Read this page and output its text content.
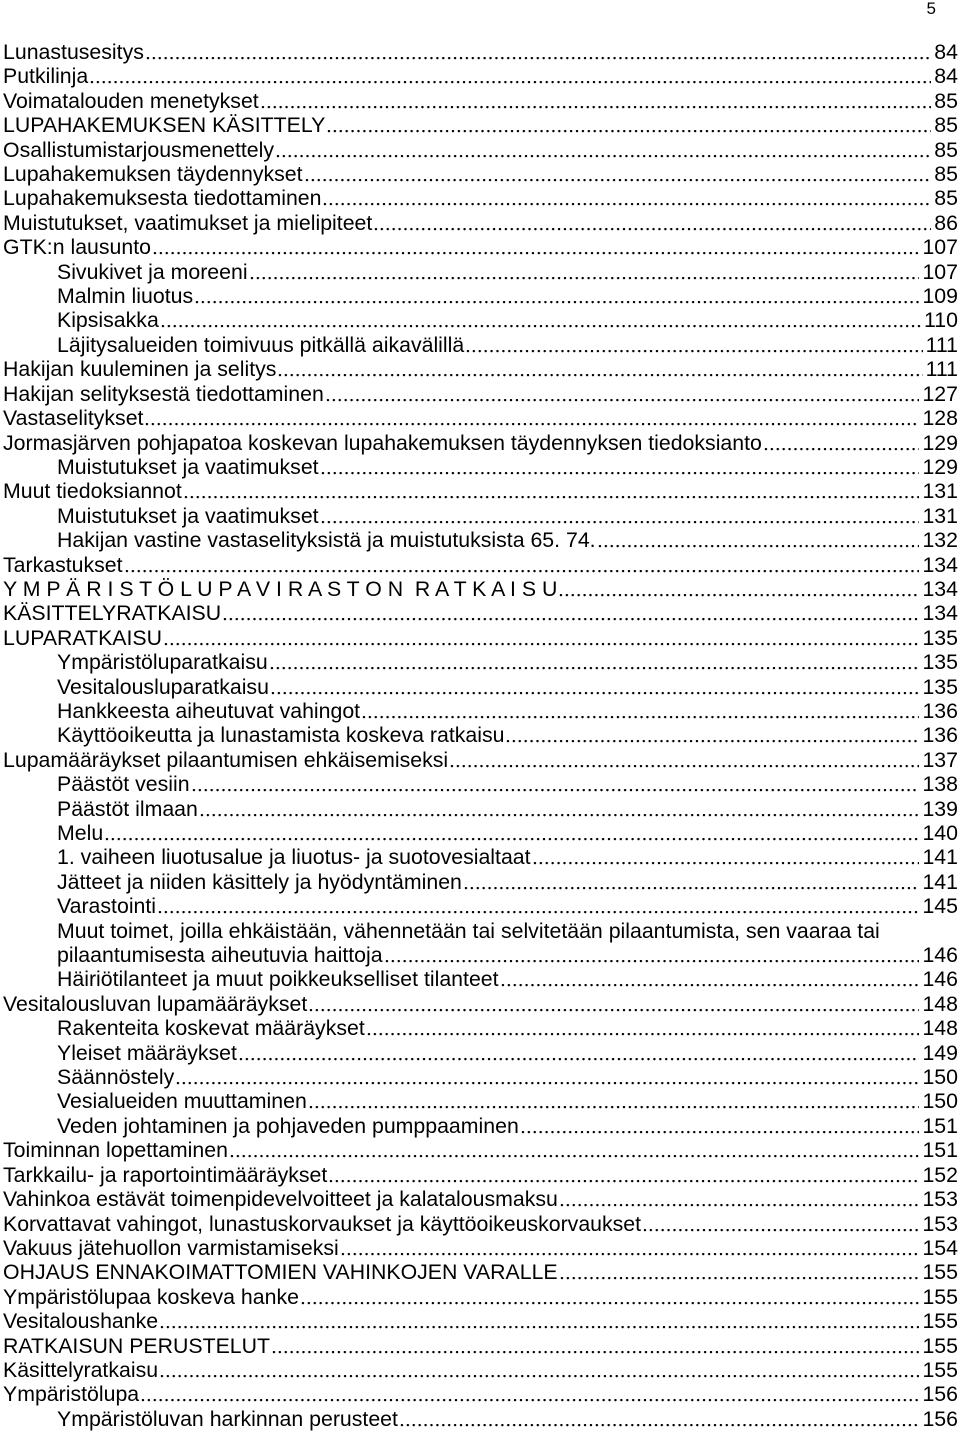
5
Lunastusesitys	84
Putkilinja	84
Voimatalouden menetykset	85
LUPAHAKEMUKSEN KÄSITTELY	85
Osallistumistarjousmenettely	85
Lupahakemuksen täydennykset	85
Lupahakemuksesta tiedottaminen	85
Muistutukset, vaatimukset ja mielipiteet	86
GTK:n lausunto	107
Sivukivet ja moreeni	107
Malmin liuotus	109
Kipsisakka	110
Läjitysalueiden toimivuus pitkällä aikavälillä	111
Hakijan kuuleminen ja selitys	111
Hakijan selityksestä tiedottaminen	127
Vastaselitykset	128
Jormasjärven pohjapatoa koskevan lupahakemuksen täydennyksen tiedoksianto	129
Muistutukset ja vaatimukset	129
Muut tiedoksiannot	131
Muistutukset ja vaatimukset	131
Hakijan vastine vastaselityksistä ja muistutuksista 65. 74.	132
Tarkastukset	134
Y M P Ä R I S T Ö L U P A V I R A S T O N  R A T K A I S U	134
KÄSITTELYRATKAISU	134
LUPARATKAISU	135
Ympäristöluparatkaisu	135
Vesitalousluparatkaisu	135
Hankkeesta aiheutuvat vahingot	136
Käyttöoikeutta ja lunastamista koskeva ratkaisu	136
Lupamääräykset pilaantumisen ehkäisemiseksi	137
Päästöt vesiin	138
Päästöt ilmaan	139
Melu	140
1. vaiheen liuotusalue ja liuotus- ja suotovesialtaat	141
Jätteet ja niiden käsittely ja hyödyntäminen	141
Varastointi	145
Muut toimet, joilla ehkäistään, vähennetään tai selvitetään pilaantumista, sen vaaraa tai
pilaantumisesta aiheutuvia haittoja	146
Häiriötilanteet ja muut poikkeukselliset tilanteet	146
Vesitalousluvan lupamääräykset	148
Rakenteita koskevat määräykset	148
Yleiset määräykset	149
Säännöstely	150
Vesialueiden muuttaminen	150
Veden johtaminen ja pohjaveden pumppaaminen	151
Toiminnan lopettaminen	151
Tarkkailu- ja raportointimääräykset	152
Vahinkoa estävät toimenpidevelvoitteet ja kalatalousmaksu	153
Korvattavat vahingot, lunastuskorvaukset ja käyttöoikeuskorvaukset	153
Vakuus jätehuollon varmistamiseksi	154
OHJAUS ENNAKOIMATTOMIEN VAHINKOJEN VARALLE	155
Ympäristölupaa koskeva hanke	155
Vesitaloushanke	155
RATKAISUN PERUSTELUT	155
Käsittelyratkaisu	155
Ympäristölupa	156
Ympäristöluvan harkinnan perusteet	156
